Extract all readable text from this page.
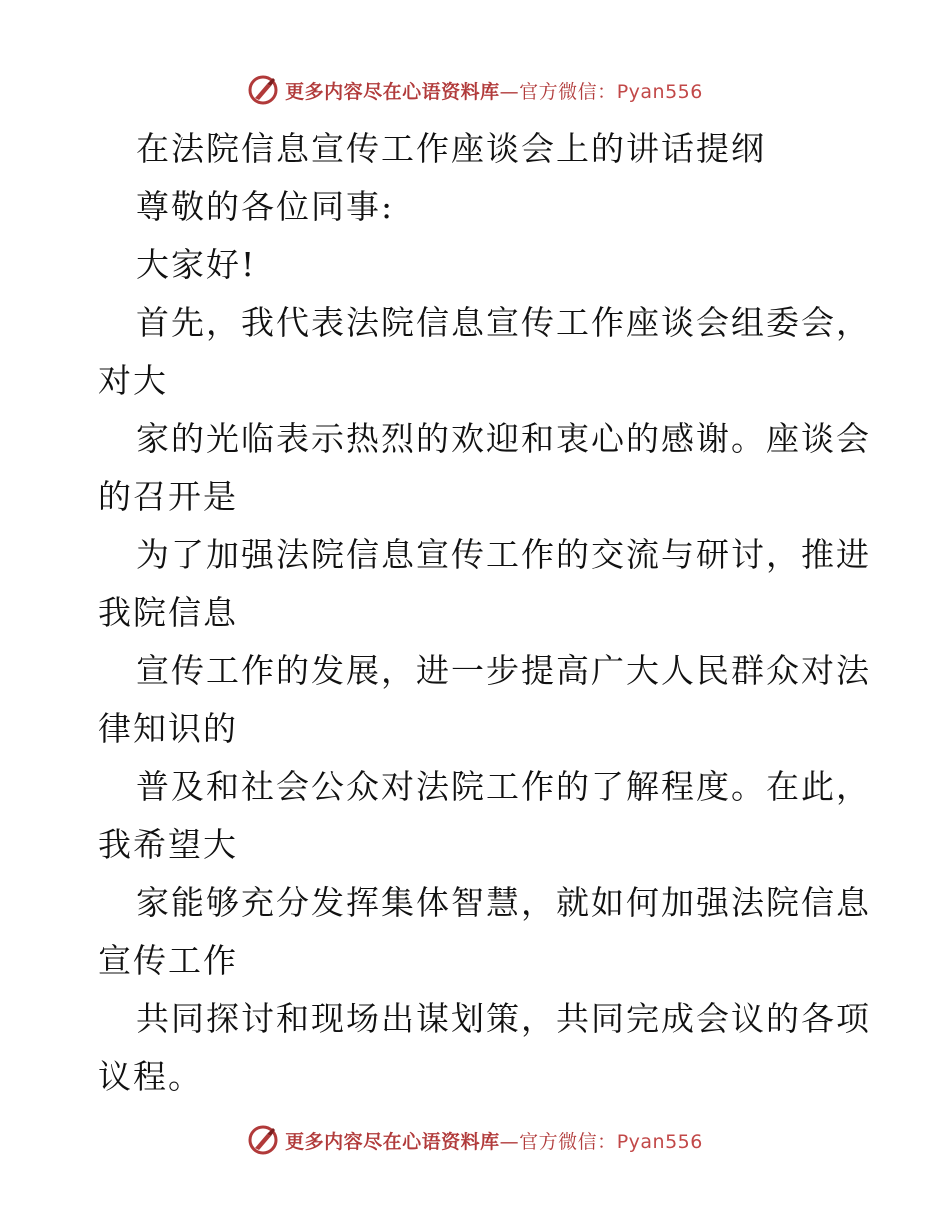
更多内容尽在心语资料库—官方微信：Pyan556

在法院信息宣传工作座谈会上的讲话提纲

尊敬的各位同事:

大家好!

首先，我代表法院信息宣传工作座谈会组委会，

对大

家的光临表示热烈的欢迎和衷心的感谢。座谈会

的召开是

为了加强法院信息宣传工作的交流与研讨，推进

我院信息

宣传工作的发展，进一步提高广大人民群众对法

律知识的

普及和社会公众对法院工作的了解程度。在此，

我希望大

家能够充分发挥集体智慧，就如何加强法院信息

宣传工作

共同探讨和现场出谋划策，共同完成会议的各项

议程。

更多内容尽在心语资料库—官方微信：Pyan556
